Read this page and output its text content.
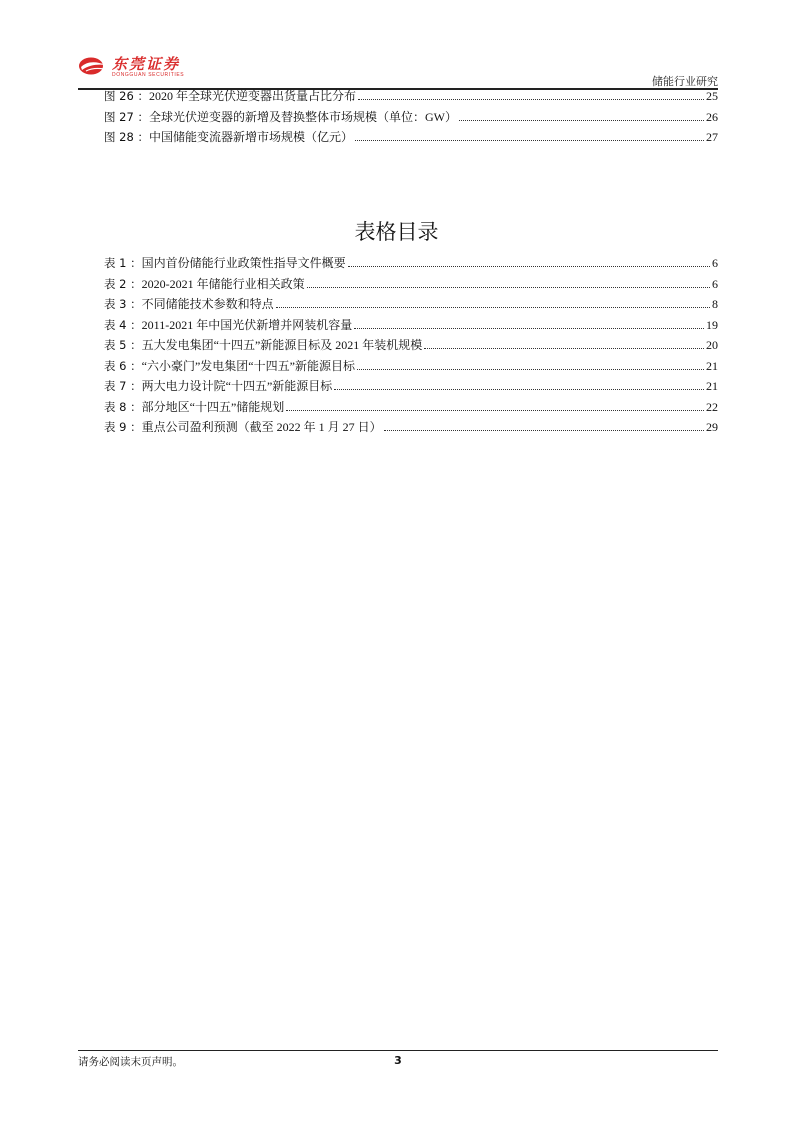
东莞证券
DONGGUAN SECURITIES	储能行业研究
图 26 ： 2020 年全球光伏逆变器出货量占比分布	25
图 27 ： 全球光伏逆变器的新增及替换整体市场规模（单位：GW）	26
图 28 ： 中国储能变流器新增市场规模（亿元）	27
表格目录
表 1 ： 国内首份储能行业政策性指导文件概要	6
表 2 ： 2020-2021 年储能行业相关政策	6
表 3 ： 不同储能技术参数和特点	8
表 4 ： 2011-2021 年中国光伏新增并网装机容量	19
表 5 ： 五大发电集团“十四五”新能源目标及 2021 年装机规模	20
表 6 ： “六小豪门”发电集团“十四五”新能源目标	21
表 7 ： 两大电力设计院“十四五”新能源目标	21
表 8 ： 部分地区“十四五”储能规划	22
表 9 ： 重点公司盈利预测（截至 2022 年 1 月 27 日）	29
请务必阅读末页声明。	3
